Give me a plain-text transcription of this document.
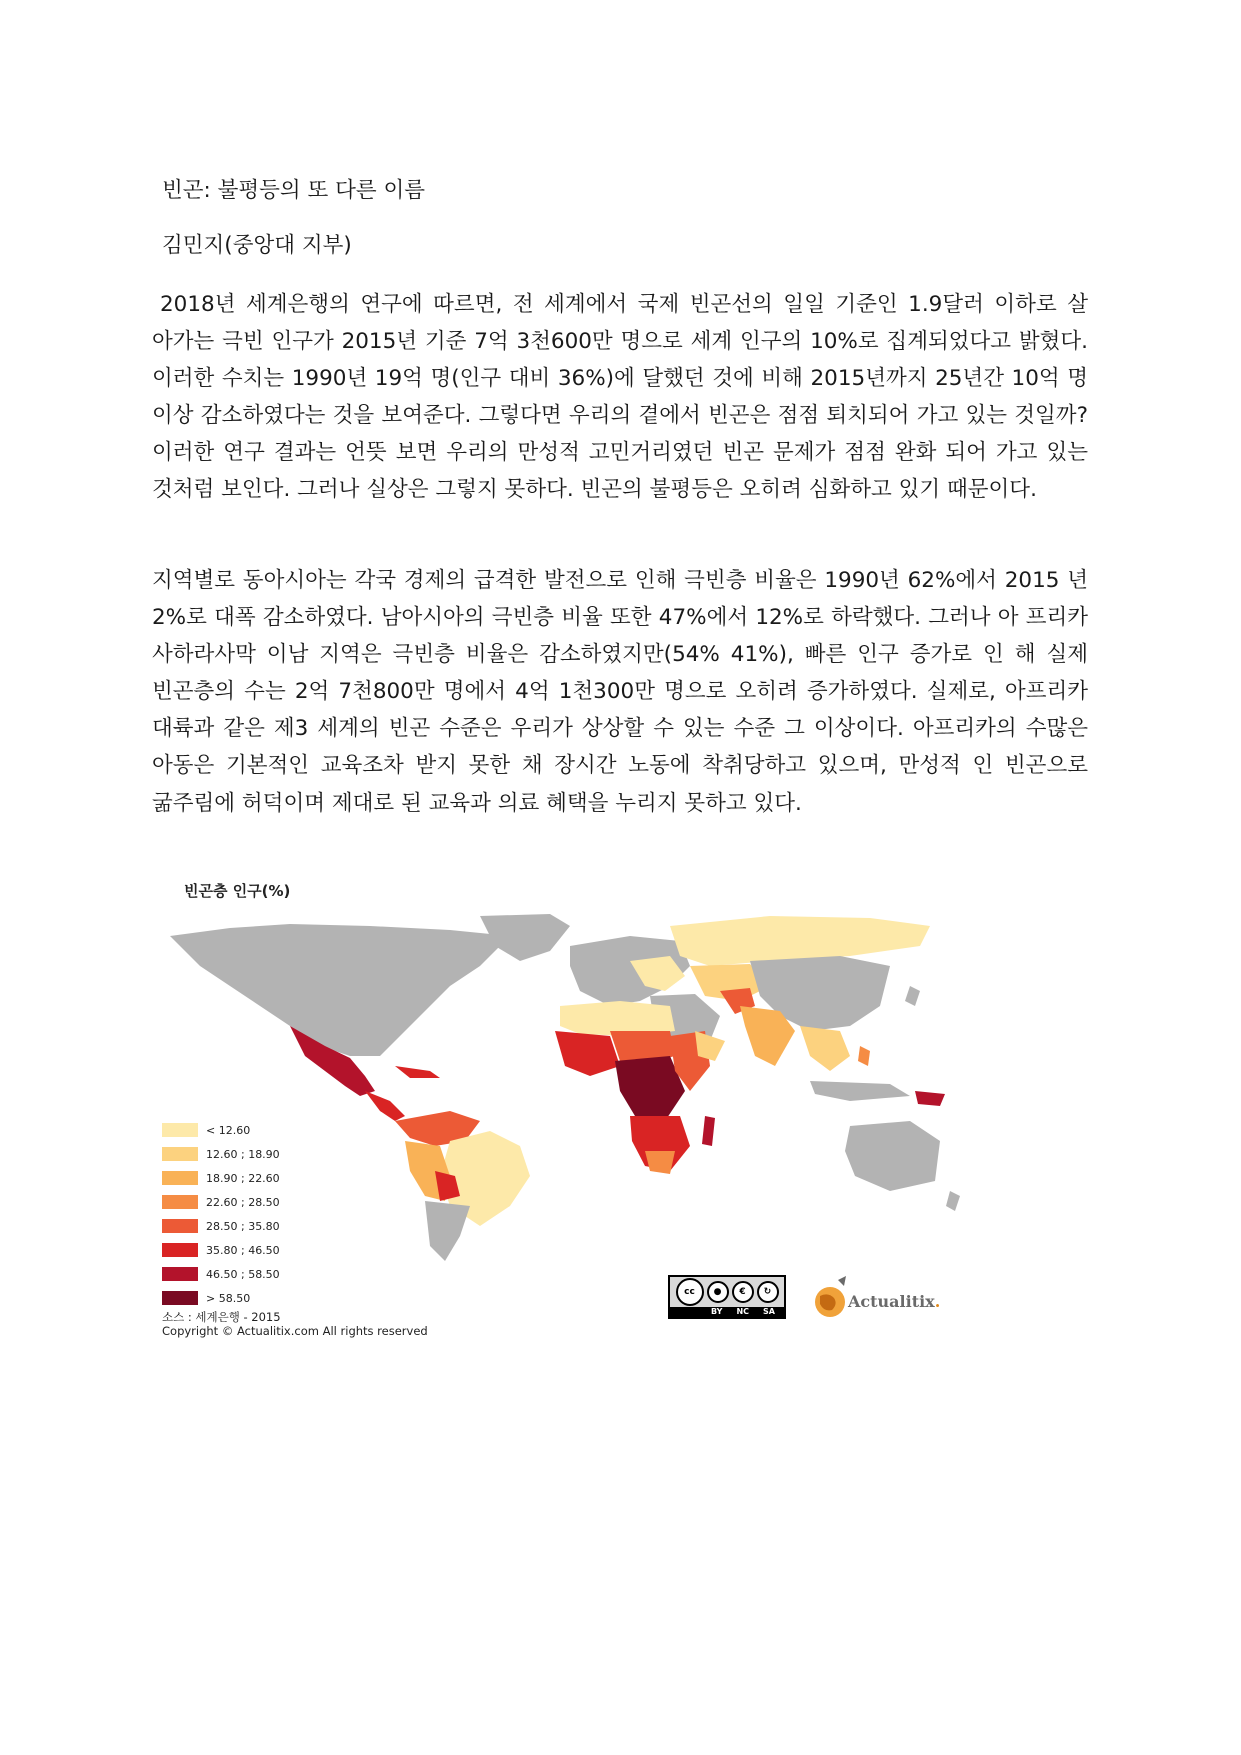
빈곤: 불평등의 또 다른 이름
김민지(중앙대 지부)

2018년 세계은행의 연구에 따르면, 전 세계에서 국제 빈곤선의 일일 기준인 1.9달러 이하로 살 아가는 극빈 인구가 2015년 기준 7억 3천600만 명으로 세계 인구의 10%로 집계되었다고 밝혔다. 이러한 수치는 1990년 19억 명(인구 대비 36%)에 달했던 것에 비해 2015년까지 25년간 10억 명 이상 감소하였다는 것을 보여준다. 그렇다면 우리의 곁에서 빈곤은 점점 퇴치되어 가고 있는 것일까? 이러한 연구 결과는 언뜻 보면 우리의 만성적 고민거리였던 빈곤 문제가 점점 완화 되어 가고 있는 것처럼 보인다. 그러나 실상은 그렇지 못하다. 빈곤의 불평등은 오히려 심화하고 있기 때문이다.

지역별로 동아시아는 각국 경제의 급격한 발전으로 인해 극빈층 비율은 1990년 62%에서 2015 년 2%로 대폭 감소하였다. 남아시아의 극빈층 비율 또한 47%에서 12%로 하락했다. 그러나 아 프리카 사하라사막 이남 지역은 극빈층 비율은 감소하였지만(54% 41%), 빠른 인구 증가로 인 해 실제 빈곤층의 수는 2억 7천800만 명에서 4억 1천300만 명으로 오히려 증가하였다. 실제로, 아프리카 대륙과 같은 제3 세계의 빈곤 수준은 우리가 상상할 수 있는 수준 그 이상이다. 아프리카의 수많은 아동은 기본적인 교육조차 받지 못한 채 장시간 노동에 착취당하고 있으며, 만성적 인 빈곤으로 굶주림에 허덕이며 제대로 된 교육과 의료 혜택을 누리지 못하고 있다.

빈곤층 인구(%)
< 12.60
12.60 ; 18.90
18.90 ; 22.60
22.60 ; 28.50
28.50 ; 35.80
35.80 ; 46.50
46.50 ; 58.50
> 58.50	cc	●	€	↻
BY NC SA
Actualitix.
소스 : 세계은행 - 2015
Copyright © Actualitix.com All rights reserved
